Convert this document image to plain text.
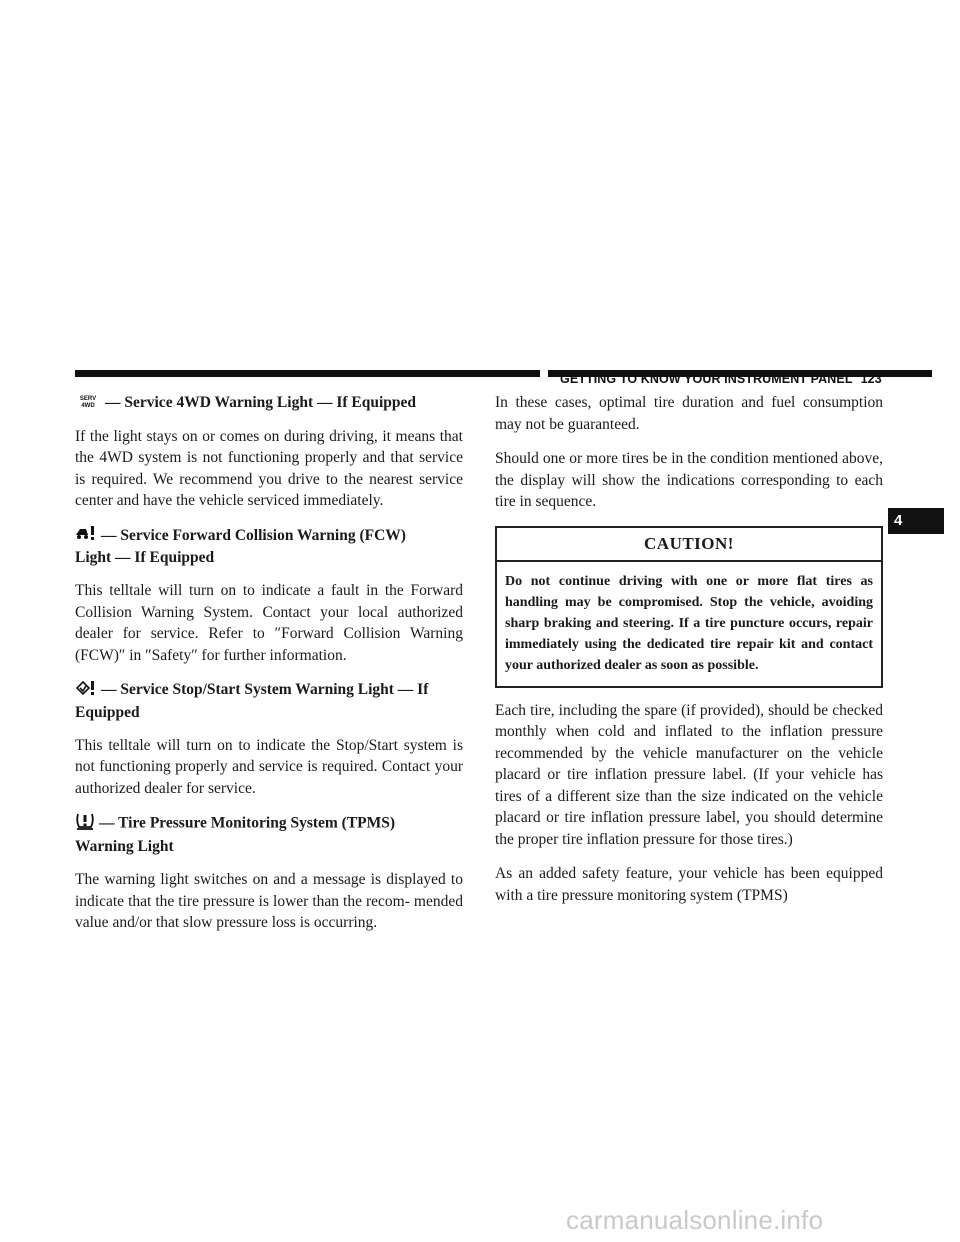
GETTING TO KNOW YOUR INSTRUMENT PANEL 123
4
SERV
4WD — Service 4WD Warning Light — If Equipped

If the light stays on or comes on during driving, it means that the 4WD system is not functioning properly and that service is required. We recommend you drive to the nearest service center and have the vehicle serviced immediately.

— Service Forward Collision Warning (FCW)
Light — If Equipped

This telltale will turn on to indicate a fault in the Forward Collision Warning System. Contact your local authorized dealer for service. Refer to ″Forward Collision Warning (FCW)″ in ″Safety″ for further information.

— Service Stop/Start System Warning Light — If
Equipped

This telltale will turn on to indicate the Stop/Start system is not functioning properly and service is required. Contact your authorized dealer for service.

— Tire Pressure Monitoring System (TPMS)
Warning Light

The warning light switches on and a message is displayed to indicate that the tire pressure is lower than the recom- mended value and/or that slow pressure loss is occurring.

In these cases, optimal tire duration and fuel consumption may not be guaranteed.

Should one or more tires be in the condition mentioned above, the display will show the indications corresponding to each tire in sequence.

CAUTION!
Do not continue driving with one or more flat tires as handling may be compromised. Stop the vehicle, avoiding sharp braking and steering. If a tire puncture occurs, repair immediately using the dedicated tire repair kit and contact your authorized dealer as soon as possible.

Each tire, including the spare (if provided), should be checked monthly when cold and inflated to the inflation pressure recommended by the vehicle manufacturer on the vehicle placard or tire inflation pressure label. (If your vehicle has tires of a different size than the size indicated on the vehicle placard or tire inflation pressure label, you should determine the proper tire inflation pressure for those tires.)

As an added safety feature, your vehicle has been equipped with a tire pressure monitoring system (TPMS)

carmanualsonline.info
